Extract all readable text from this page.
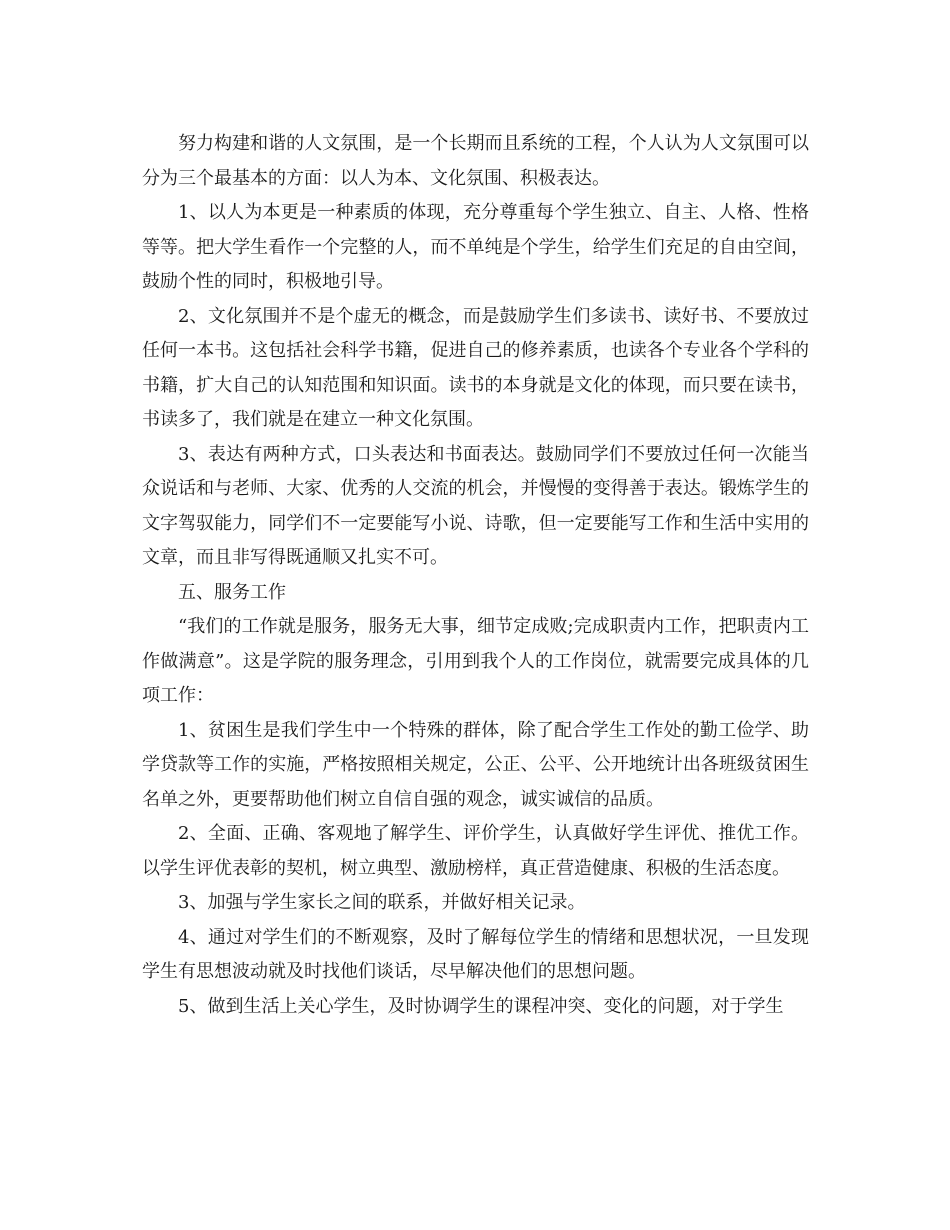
努力构建和谐的人文氛围，是一个长期而且系统的工程，个人认为人文氛围可以分为三个最基本的方面：以人为本、文化氛围、积极表达。

1、以人为本更是一种素质的体现，充分尊重每个学生独立、自主、人格、性格等等。把大学生看作一个完整的人，而不单纯是个学生，给学生们充足的自由空间，鼓励个性的同时，积极地引导。

2、文化氛围并不是个虚无的概念，而是鼓励学生们多读书、读好书、不要放过任何一本书。这包括社会科学书籍，促进自己的修养素质，也读各个专业各个学科的书籍，扩大自己的认知范围和知识面。读书的本身就是文化的体现，而只要在读书，书读多了，我们就是在建立一种文化氛围。

3、表达有两种方式，口头表达和书面表达。鼓励同学们不要放过任何一次能当众说话和与老师、大家、优秀的人交流的机会，并慢慢的变得善于表达。锻炼学生的文字驾驭能力，同学们不一定要能写小说、诗歌，但一定要能写工作和生活中实用的文章，而且非写得既通顺又扎实不可。

五、服务工作

“我们的工作就是服务，服务无大事，细节定成败;完成职责内工作，把职责内工作做满意”。这是学院的服务理念，引用到我个人的工作岗位，就需要完成具体的几项工作：

1、贫困生是我们学生中一个特殊的群体，除了配合学生工作处的勤工俭学、助学贷款等工作的实施，严格按照相关规定，公正、公平、公开地统计出各班级贫困生名单之外，更要帮助他们树立自信自强的观念，诚实诚信的品质。

2、全面、正确、客观地了解学生、评价学生，认真做好学生评优、推优工作。以学生评优表彰的契机，树立典型、激励榜样，真正营造健康、积极的生活态度。

3、加强与学生家长之间的联系，并做好相关记录。

4、通过对学生们的不断观察，及时了解每位学生的情绪和思想状况，一旦发现学生有思想波动就及时找他们谈话，尽早解决他们的思想问题。

5、做到生活上关心学生，及时协调学生的课程冲突、变化的问题，对于学生
